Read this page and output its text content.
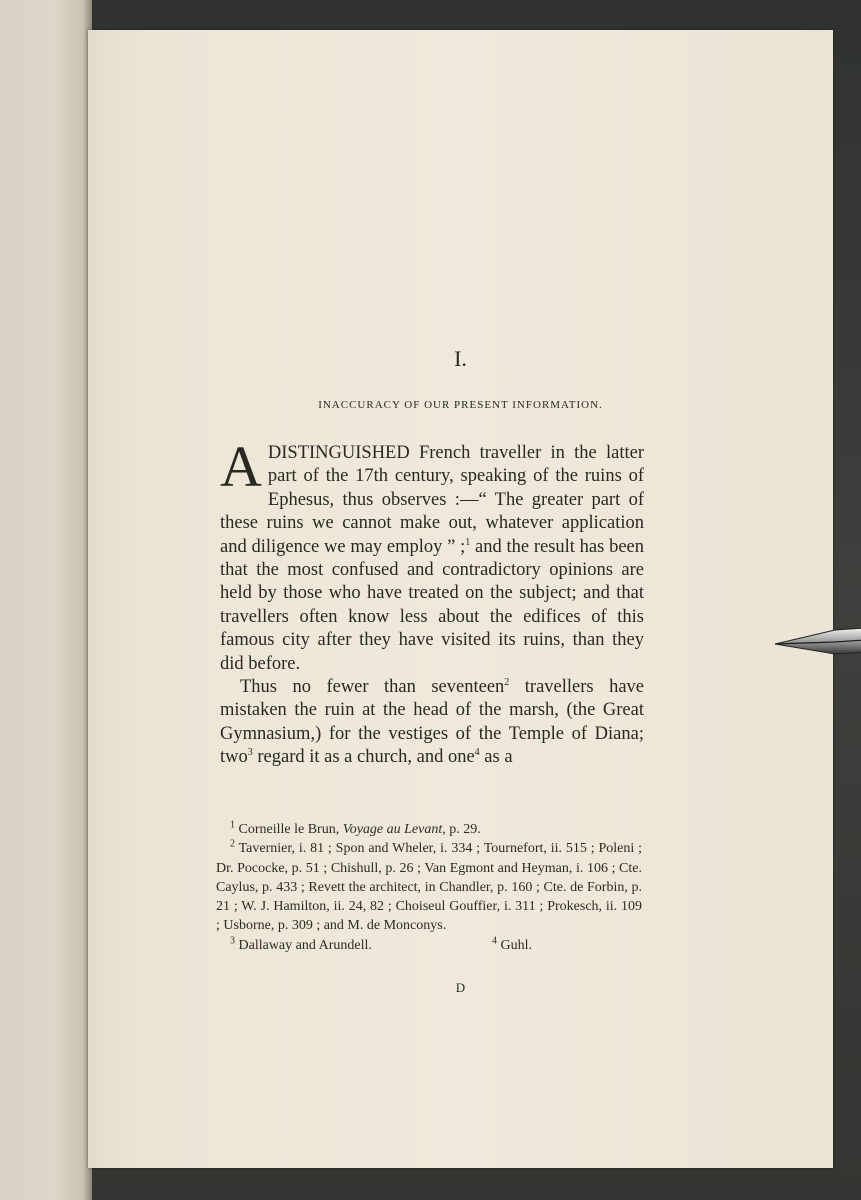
I.

INACCURACY OF OUR PRESENT INFORMATION.

ADISTINGUISHED French traveller in the latter part of the 17th century, speaking of the ruins of Ephesus, thus observes :—“ The greater part of these ruins we cannot make out, whatever application and diligence we may employ ” ;$^1$ and the result has been that the most confused and contradictory opinions are held by those who have treated on the subject; and that travellers often know less about the edifices of this famous city after they have visited its ruins, than they did before.

Thus no fewer than seventeen$^2$ travellers have mistaken the ruin at the head of the marsh, (the Great Gymnasium,) for the vestiges of the Temple of Diana; two$^3$ regard it as a church, and one$^4$ as a

$^1$ Corneille le Brun, Voyage au Levant, p. 29.

$^2$ Tavernier, i. 81 ; Spon and Wheler, i. 334 ; Tournefort, ii. 515 ; Poleni ; Dr. Pococke, p. 51 ; Chishull, p. 26 ; Van Egmont and Heyman, i. 106 ; Cte. Caylus, p. 433 ; Revett the architect, in Chandler, p. 160 ; Cte. de Forbin, p. 21 ; W. J. Hamilton, ii. 24, 82 ; Choiseul Gouffier, i. 311 ; Prokesch, ii. 109 ; Usborne, p. 309 ; and M. de Monconys.

$^3$ Dallaway and Arundell.	$^4$ Guhl.

D
